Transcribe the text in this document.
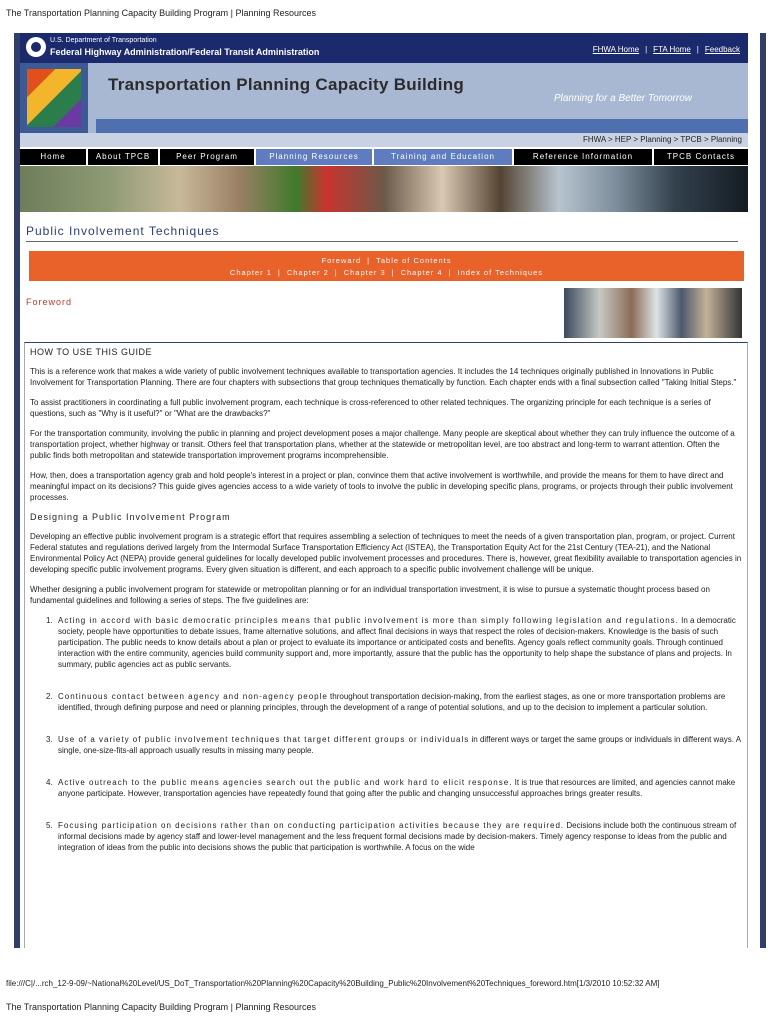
The Transportation Planning Capacity Building Program | Planning Resources
U.S. Department of Transportation
Federal Highway Administration/Federal Transit Administration	FHWA Home | FTA Home | Feedback
Transportation Planning Capacity Building
Planning for a Better Tomorrow
FHWA > HEP > Planning > TPCB > Planning
Home	About TPCB	Peer Program	Planning Resources	Training and Education	Reference Information	TPCB Contacts
Public Involvement Techniques
Foreward | Table of Contents
Chapter 1 | Chapter 2 | Chapter 3 | Chapter 4 | Index of Techniques
Foreword
HOW TO USE THIS GUIDE

This is a reference work that makes a wide variety of public involvement techniques available to transportation agencies. It includes the 14 techniques originally published in Innovations in Public Involvement for Transportation Planning. There are four chapters with subsections that group techniques thematically by function. Each chapter ends with a final subsection called "Taking Initial Steps."

To assist practitioners in coordinating a full public involvement program, each technique is cross-referenced to other related techniques. The organizing principle for each technique is a series of questions, such as "Why is it useful?" or "What are the drawbacks?"

For the transportation community, involving the public in planning and project development poses a major challenge. Many people are skeptical about whether they can truly influence the outcome of a transportation project, whether highway or transit. Others feel that transportation plans, whether at the statewide or metropolitan level, are too abstract and long-term to warrant attention. Often the public finds both metropolitan and statewide transportation improvement programs incomprehensible.

How, then, does a transportation agency grab and hold people's interest in a project or plan, convince them that active involvement is worthwhile, and provide the means for them to have direct and meaningful impact on its decisions? This guide gives agencies access to a wide variety of tools to involve the public in developing specific plans, programs, or projects through their public involvement processes.

Designing a Public Involvement Program

Developing an effective public involvement program is a strategic effort that requires assembling a selection of techniques to meet the needs of a given transportation plan, program, or project. Current Federal statutes and regulations derived largely from the Intermodal Surface Transportation Efficiency Act (ISTEA), the Transportation Equity Act for the 21st Century (TEA-21), and the National Environmental Policy Act (NEPA) provide general guidelines for locally developed public involvement processes and procedures. There is, however, great flexibility available to transportation agencies in developing specific public involvement programs. Every given situation is different, and each approach to a specific public involvement challenge will be unique.

Whether designing a public involvement program for statewide or metropolitan planning or for an individual transportation investment, it is wise to pursue a systematic thought process based on fundamental guidelines and following a series of steps. The five guidelines are:

1. Acting in accord with basic democratic principles means that public involvement is more than simply following legislation and regulations. In a democratic society, people have opportunities to debate issues, frame alternative solutions, and affect final decisions in ways that respect the roles of decision-makers. Knowledge is the basis of such participation. The public needs to know details about a plan or project to evaluate its importance or anticipated costs and benefits. Agency goals reflect community goals. Through continued interaction with the entire community, agencies build community support and, more importantly, assure that the public has the opportunity to help shape the substance of plans and projects. In summary, public agencies act as public servants.
2. Continuous contact between agency and non-agency people throughout transportation decision-making, from the earliest stages, as one or more transportation problems are identified, through defining purpose and need or planning principles, through the development of a range of potential solutions, and up to the decision to implement a particular solution.
3. Use of a variety of public involvement techniques that target different groups or individuals in different ways or target the same groups or individuals in different ways. A single, one-size-fits-all approach usually results in missing many people.
4. Active outreach to the public means agencies search out the public and work hard to elicit response. It is true that resources are limited, and agencies cannot make anyone participate. However, transportation agencies have repeatedly found that going after the public and changing unsuccessful approaches brings greater results.
5. Focusing participation on decisions rather than on conducting participation activities because they are required. Decisions include both the continuous stream of informal decisions made by agency staff and lower-level management and the less frequent formal decisions made by decision-makers. Timely agency response to ideas from the public and integration of ideas from the public into decisions shows the public that participation is worthwhile. A focus on the wide
file:///C|/...rch_12-9-09/~National%20Level/US_DoT_Transportation%20Planning%20Capacity%20Building_Public%20Involvement%20Techniques_foreword.htm[1/3/2010 10:52:32 AM]
The Transportation Planning Capacity Building Program | Planning Resources
